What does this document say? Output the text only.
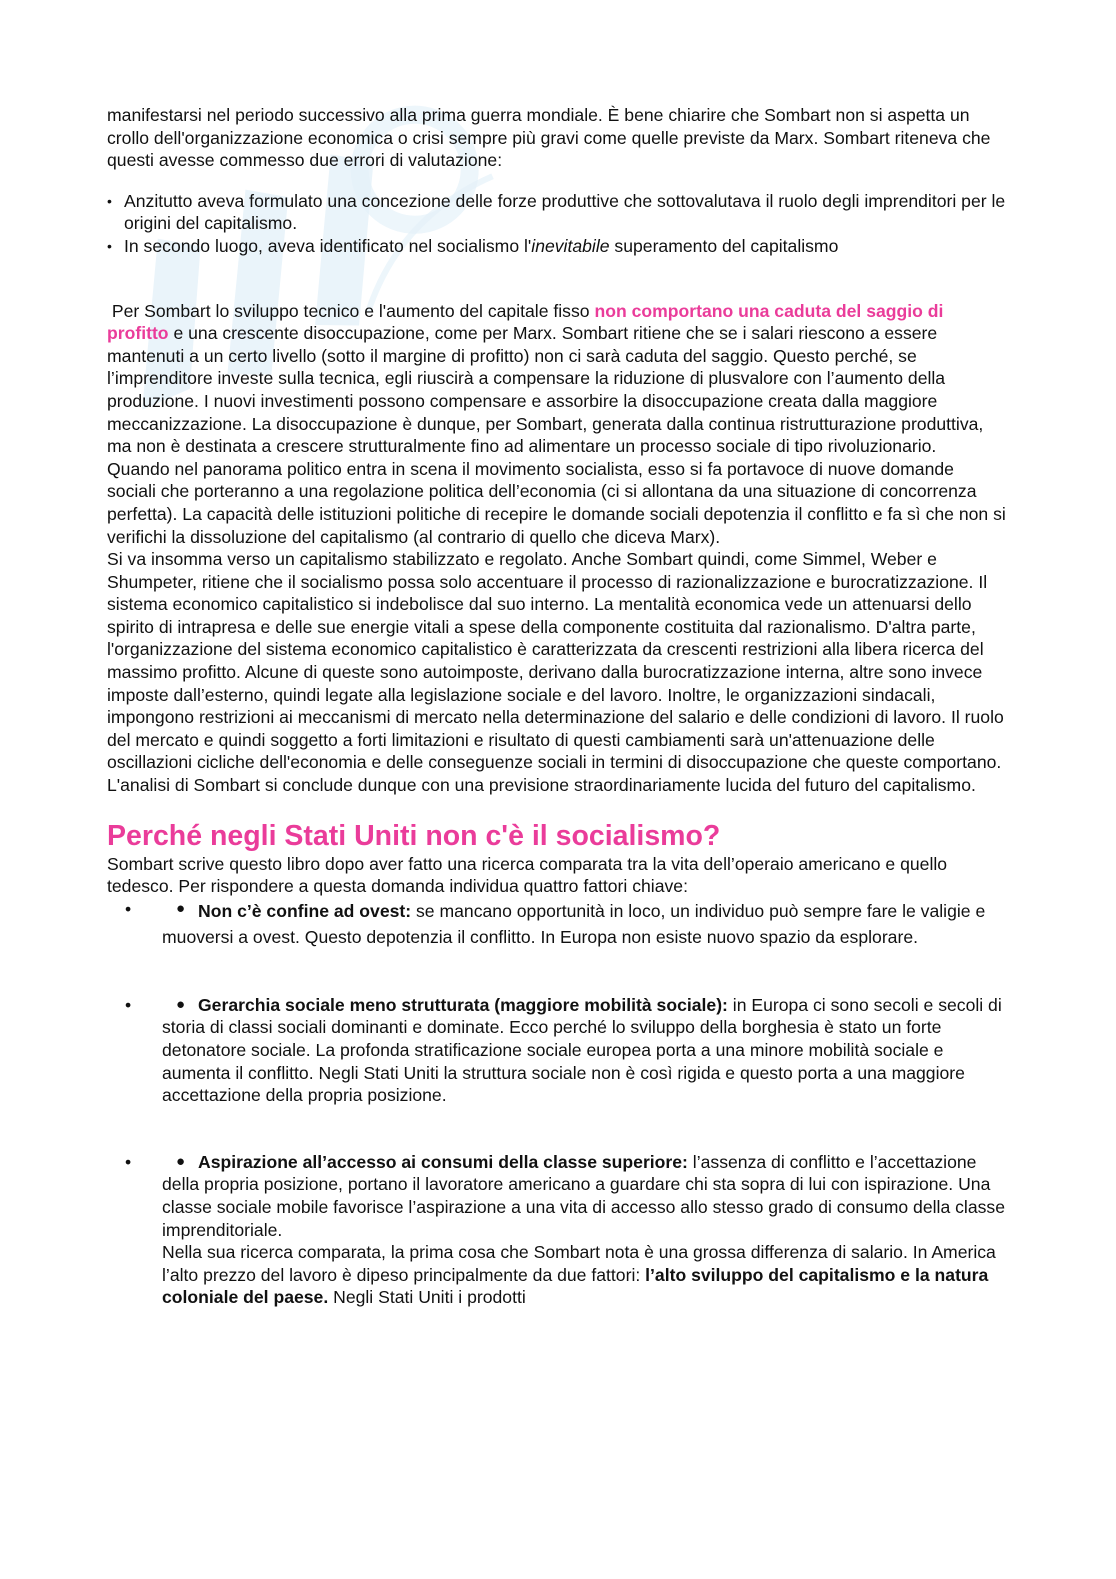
manifestarsi nel periodo successivo alla prima guerra mondiale. È bene chiarire che Sombart non si aspetta un crollo dell'organizzazione economica o crisi sempre più gravi come quelle previste da Marx. Sombart riteneva che questi avesse commesso due errori di valutazione:

• Anzitutto aveva formulato una concezione delle forze produttive che sottovalutava il ruolo degli imprenditori per le origini del capitalismo.
• In secondo luogo, aveva identificato nel socialismo l'inevitabile superamento del capitalismo

Per Sombart lo sviluppo tecnico e l'aumento del capitale fisso non comportano una caduta del saggio di profitto e una crescente disoccupazione, come per Marx. Sombart ritiene che se i salari riescono a essere mantenuti a un certo livello (sotto il margine di profitto) non ci sarà caduta del saggio. Questo perché, se l’imprenditore investe sulla tecnica, egli riuscirà a compensare la riduzione di plusvalore con l’aumento della produzione. I nuovi investimenti possono compensare e assorbire la disoccupazione creata dalla maggiore meccanizzazione. La disoccupazione è dunque, per Sombart, generata dalla continua ristrutturazione produttiva, ma non è destinata a crescere strutturalmente fino ad alimentare un processo sociale di tipo rivoluzionario.

Quando nel panorama politico entra in scena il movimento socialista, esso si fa portavoce di nuove domande sociali che porteranno a una regolazione politica dell’economia (ci si allontana da una situazione di concorrenza perfetta). La capacità delle istituzioni politiche di recepire le domande sociali depotenzia il conflitto e fa sì che non si verifichi la dissoluzione del capitalismo (al contrario di quello che diceva Marx).

Si va insomma verso un capitalismo stabilizzato e regolato. Anche Sombart quindi, come Simmel, Weber e Shumpeter, ritiene che il socialismo possa solo accentuare il processo di razionalizzazione e burocratizzazione. Il sistema economico capitalistico si indebolisce dal suo interno. La mentalità economica vede un attenuarsi dello spirito di intrapresa e delle sue energie vitali a spese della componente costituita dal razionalismo. D'altra parte, l'organizzazione del sistema economico capitalistico è caratterizzata da crescenti restrizioni alla libera ricerca del massimo profitto. Alcune di queste sono autoimposte, derivano dalla burocratizzazione interna, altre sono invece imposte dall’esterno, quindi legate alla legislazione sociale e del lavoro. Inoltre, le organizzazioni sindacali, impongono restrizioni ai meccanismi di mercato nella determinazione del salario e delle condizioni di lavoro. Il ruolo del mercato e quindi soggetto a forti limitazioni e risultato di questi cambiamenti sarà un'attenuazione delle oscillazioni cicliche dell'economia e delle conseguenze sociali in termini di disoccupazione che queste comportano. L'analisi di Sombart si conclude dunque con una previsione straordinariamente lucida del futuro del capitalismo.

Perché negli Stati Uniti non c'è il socialismo?

Sombart scrive questo libro dopo aver fatto una ricerca comparata tra la vita dell’operaio americano e quello tedesco. Per rispondere a questa domanda individua quattro fattori chiave:

•	● Non c’è confine ad ovest: se mancano opportunità in loco, un individuo può sempre fare le valigie e muoversi a ovest. Questo depotenzia il conflitto. In Europa non esiste nuovo spazio da esplorare.

•	● Gerarchia sociale meno strutturata (maggiore mobilità sociale): in Europa ci sono secoli e secoli di storia di classi sociali dominanti e dominate. Ecco perché lo sviluppo della borghesia è stato un forte detonatore sociale. La profonda stratificazione sociale europea porta a una minore mobilità sociale e aumenta il conflitto. Negli Stati Uniti la struttura sociale non è così rigida e questo porta a una maggiore accettazione della propria posizione.

•	● Aspirazione all’accesso ai consumi della classe superiore: l’assenza di conflitto e l’accettazione della propria posizione, portano il lavoratore americano a guardare chi sta sopra di lui con ispirazione. Una classe sociale mobile favorisce l’aspirazione a una vita di accesso allo stesso grado di consumo della classe imprenditoriale.

Nella sua ricerca comparata, la prima cosa che Sombart nota è una grossa differenza di salario. In America l’alto prezzo del lavoro è dipeso principalmente da due fattori: l’alto sviluppo del capitalismo e la natura coloniale del paese. Negli Stati Uniti i prodotti
